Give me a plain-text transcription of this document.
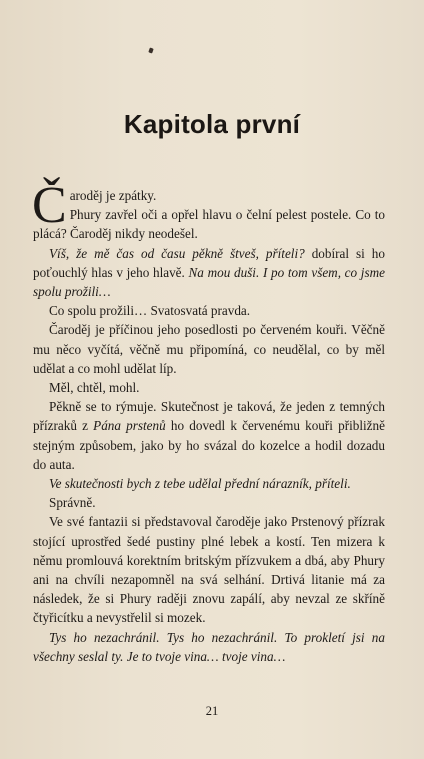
Kapitola první

Čaroděj je zpátky.
Phury zavřel oči a opřel hlavu o čelní pelest postele. Co to plácá? Čaroděj nikdy neodešel.

Víš, že mě čas od času pěkně štveš, příteli? dobíral si ho poťouchlý hlas v jeho hlavě. Na mou duši. I po tom všem, co jsme spolu prožili…

Co spolu prožili… Svatosvatá pravda.

Čaroděj je příčinou jeho posedlosti po červeném kouři. Věčně mu něco vyčítá, věčně mu připomíná, co neudělal, co by měl udělat a co mohl udělat líp.

Měl, chtěl, mohl.

Pěkně se to rýmuje. Skutečnost je taková, že jeden z temných přízraků z Pána prstenů ho dovedl k červenému kouři přibližně stejným způsobem, jako by ho svázal do kozelce a hodil dozadu do auta.

Ve skutečnosti bych z tebe udělal přední nárazník, příteli.

Správně.

Ve své fantazii si představoval čaroděje jako Prstenový přízrak stojící uprostřed šedé pustiny plné lebek a kostí. Ten mizera k němu promlouvá korektním britským přízvukem a dbá, aby Phury ani na chvíli nezapomněl na svá selhání. Drtivá litanie má za následek, že si Phury raději znovu zapálí, aby nevzal ze skříně čtyřicítku a nevystřelil si mozek.

Tys ho nezachránil. Tys ho nezachránil. To prokletí jsi na všechny seslal ty. Je to tvoje vina… tvoje vina…

21
